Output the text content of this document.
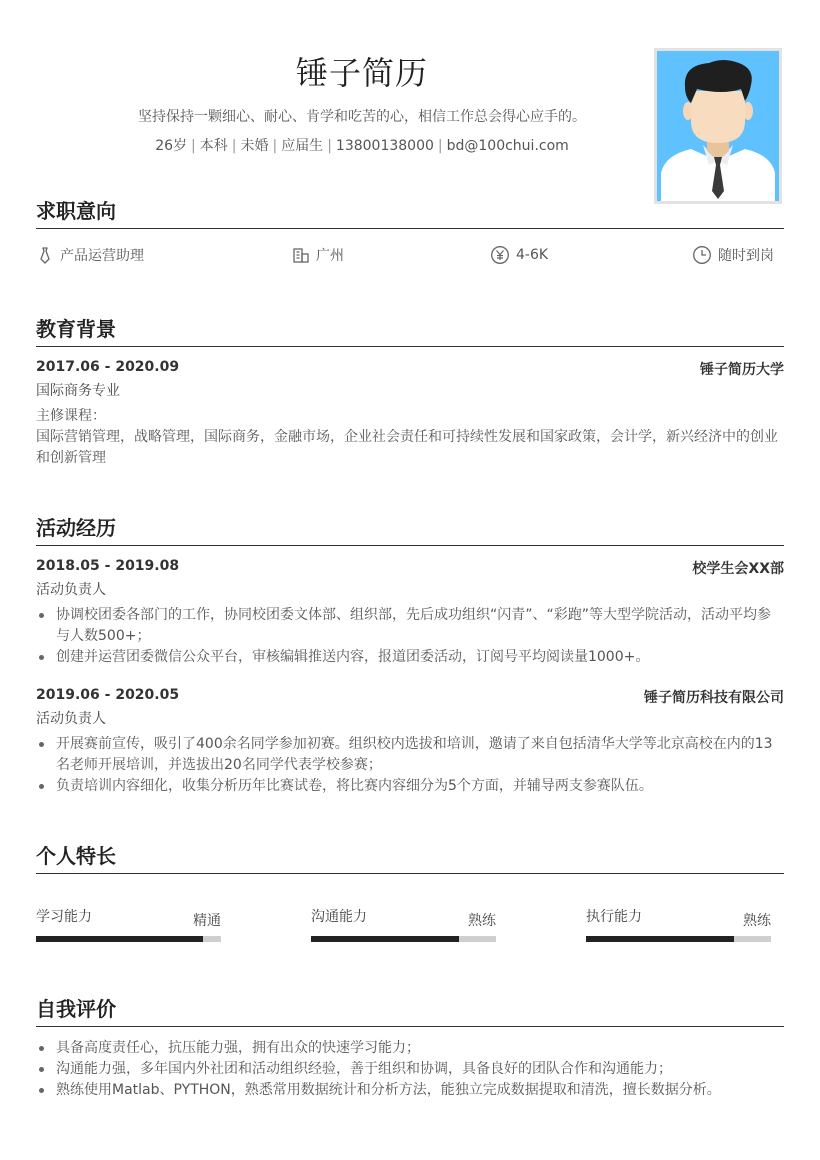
锤子简历
坚持保持一颗细心、耐心、肯学和吃苦的心，相信工作总会得心应手的。
26岁 | 本科 | 未婚 | 应届生 | 13800138000 | bd@100chui.com
求职意向
产品运营助理	广州	4-6K	随时到岗
教育背景
2017.06 - 2020.09	锤子简历大学
国际商务专业
主修课程：
国际营销管理，战略管理，国际商务，金融市场，企业社会责任和可持续性发展和国家政策，会计学，新兴经济中的创业和创新管理
活动经历
2018.05 - 2019.08	校学生会XX部
活动负责人
协调校团委各部门的工作，协同校团委文体部、组织部，先后成功组织“闪青”、“彩跑”等大型学院活动，活动平均参与人数500+；
创建并运营团委微信公众平台，审核编辑推送内容，报道团委活动，订阅号平均阅读量1000+。
2019.06 - 2020.05	锤子简历科技有限公司
活动负责人
开展赛前宣传，吸引了400余名同学参加初赛。组织校内选拔和培训，邀请了来自包括清华大学等北京高校在内的13名老师开展培训，并选拔出20名同学代表学校参赛；
负责培训内容细化，收集分析历年比赛试卷，将比赛内容细分为5个方面，并辅导两支参赛队伍。
个人特长
学习能力	精通	沟通能力	熟练	执行能力	熟练
自我评价
具备高度责任心，抗压能力强，拥有出众的快速学习能力；
沟通能力强，多年国内外社团和活动组织经验，善于组织和协调，具备良好的团队合作和沟通能力；
熟练使用Matlab、PYTHON，熟悉常用数据统计和分析方法，能独立完成数据提取和清洗，擅长数据分析。
